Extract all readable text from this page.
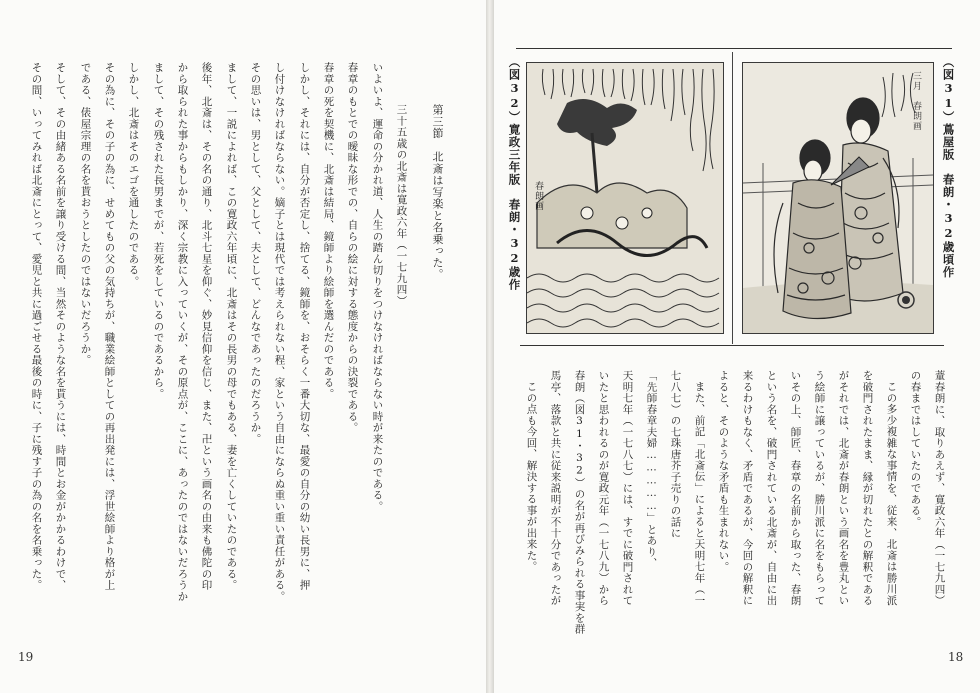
第三節　北斎は写楽と名乗った。
三十五歳の北斎は寛政六年（一七九四）
いよいよ、運命の分かれ道、人生の踏ん切りをつけなければならない時が来たのである。
春章のもとでの曖昧な形での、自らの絵に対する態度からの決裂である。
春章の死を契機に、北斎は結局、鏡師より絵師を選んだのである。
しかし、それには、自分が否定し、捨てる、鏡師を、おそらく一番大切な、最愛の自分の幼い長男に、押
し付けなければならない。嫡子とは現代では考えられない程、家という自由にならぬ重い重い責任がある。
その思いは、男として、父として、夫として、どんなであったのだろうか。
まして、一説によれば、この寛政六年頃に、北斎はその長男の母でもある、妻を亡くしていたのである。
後年、北斎は、その名の通り、北斗七星を仰ぐ、妙見信仰を信じ、また、卍という画名の由来も佛陀の印
から取られた事からもしかり、深く宗教に入っていくが、その原点が、ここに、あったのではないだろうか
まして、その残された長男までが、若死をしているのであるから。
しかし、北斎はそのエゴを通したのである。
その為に、その子の為に、せめてもの父の気持ちが、職業絵師としての再出発には、浮世絵師より格が上
である、俵屋宗理の名を貰おうとしたのではないだろうか。
そして、その由緒ある名前を譲り受ける間、当然そのような名を貰うには、時間とお金がかかるわけで、
その間、いってみれば北斎にとって、愛児と共に過ごせる最後の時に、子に残す子の為の名を名乗った。
19
（図31）蔦屋版　春朗・32歳頃作
（図32）寛政三年版　春朗・32歳作	三月　春朗画
春朗画
蕫春朗に、取りあえず、寛政六年（一七九四）
の春まではしていたのである。
この多少複雑な事情を、従来、北斎は勝川派
を破門されたまま、縁が切れたとの解釈である
がそれでは、北斎が春朗という画名を豊丸とい
う絵師に譲っているが、勝川派に名をもらって
いその上、師匠、春章の名前から取った、春朗
という名を、破門されている北斎が、自由に出
来るわけもなく、矛盾であるが、今回の解釈に
よると、そのような矛盾も生まれない。
また、前記「北斎伝」によると天明七年（一
七八七）の七珠唐芥子売りの話に
「先師春章夫婦……………」とあり、
天明七年（一七八七）には、すでに破門されて
いたと思われるのが寛政元年（一七八九）から
春朗（図31・32）の名が再びみられる事実を群
馬亭、落款と共に従来説明が不十分であったが
この点も今回、解決する事が出来た。
18
